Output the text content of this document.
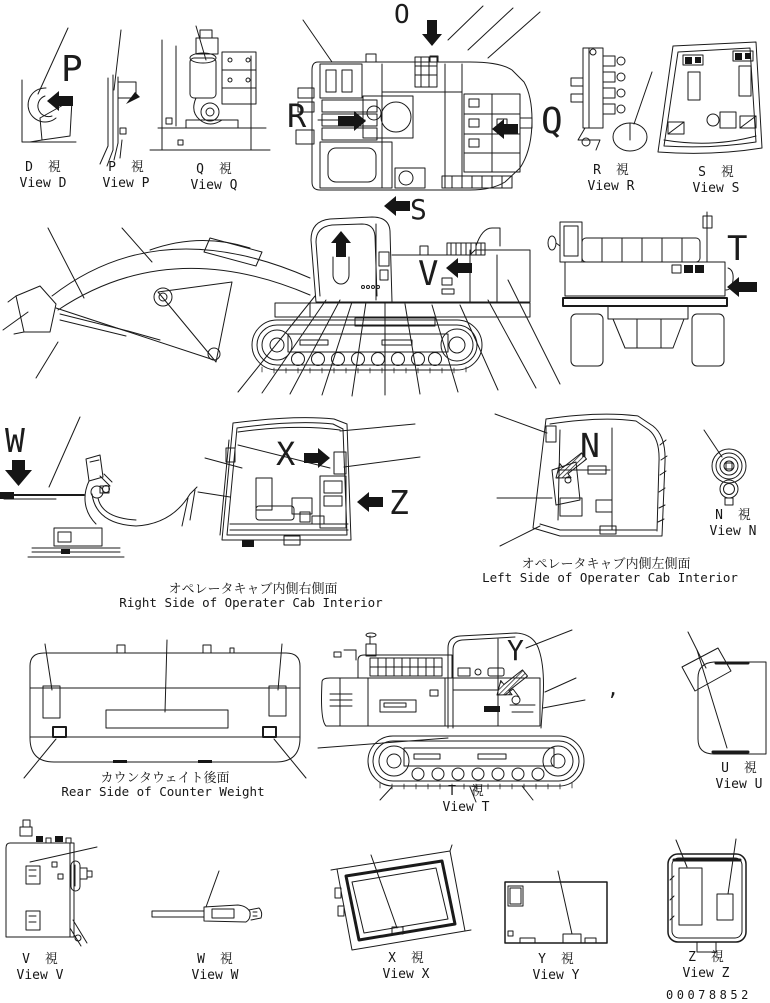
O
R	Q
S
P
V
T
W	X
Z
N
Y
,
D 視
View D
P 視
View P
Q 視
View Q
R 視
View R
S 視
View S
N 視
View N
T 視
View T
U 視
View U
V 視
View V
W 視
View W
X 視
View X
Y 視
View Y
Z 視
View Z
オペレータキャブ内側右側面
Right Side of Operater Cab Interior
オペレータキャブ内側左側面
Left Side of Operater Cab Interior
カウンタウェイト後面
Rear Side of Counter Weight
00078852
